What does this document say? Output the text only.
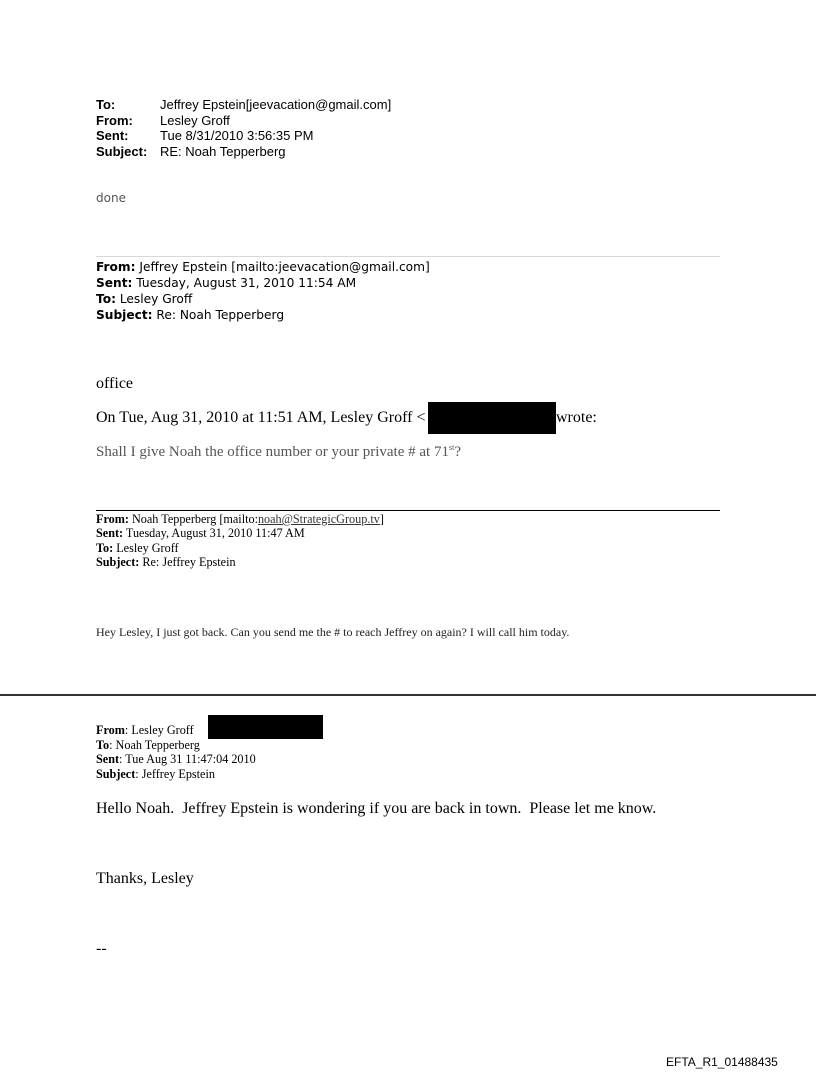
To:	Jeffrey Epstein[jeevacation@gmail.com]
From:	Lesley Groff
Sent:	Tue 8/31/2010 3:56:35 PM
Subject: RE: Noah Tepperberg
done
From: Jeffrey Epstein [mailto:jeevacation@gmail.com]
Sent: Tuesday, August 31, 2010 11:54 AM
To: Lesley Groff
Subject: Re: Noah Tepperberg
office
On Tue, Aug 31, 2010 at 11:51 AM, Lesley Groff <	wrote:
Shall I give Noah the office number or your private # at 71st?
From: Noah Tepperberg [mailto:noah@StrategicGroup.tv]
Sent: Tuesday, August 31, 2010 11:47 AM
To: Lesley Groff
Subject: Re: Jeffrey Epstein
Hey Lesley, I just got back. Can you send me the # to reach Jeffrey on again? I will call him today.
From: Lesley Groff
To: Noah Tepperberg
Sent: Tue Aug 31 11:47:04 2010
Subject: Jeffrey Epstein
Hello Noah.  Jeffrey Epstein is wondering if you are back in town.  Please let me know.
Thanks, Lesley
--
EFTA_R1_01488435
